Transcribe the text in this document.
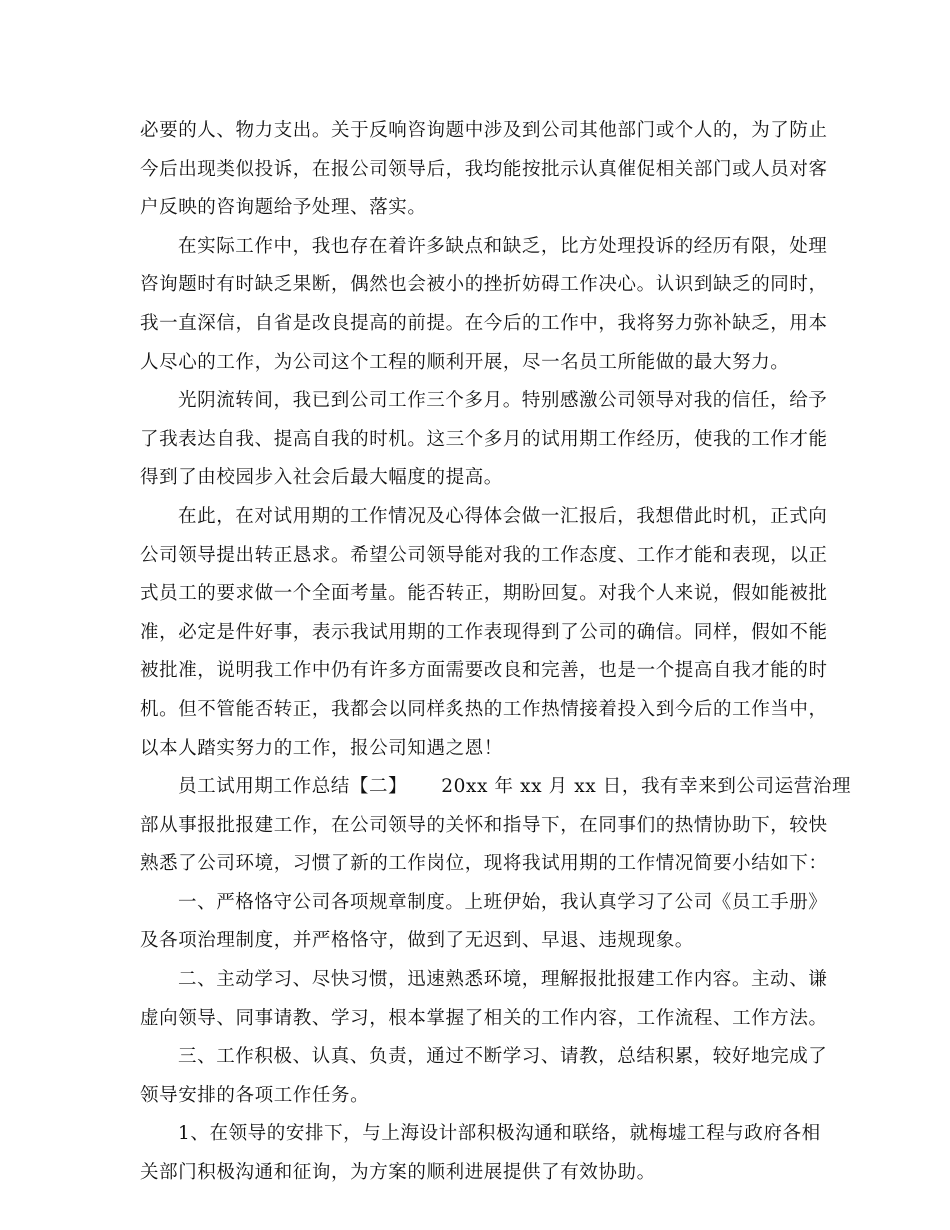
必要的人、物力支出。关于反响咨询题中涉及到公司其他部门或个人的，为了防止
今后出现类似投诉，在报公司领导后，我均能按批示认真催促相关部门或人员对客
户反映的咨询题给予处理、落实。
在实际工作中，我也存在着许多缺点和缺乏，比方处理投诉的经历有限，处理
咨询题时有时缺乏果断，偶然也会被小的挫折妨碍工作决心。认识到缺乏的同时，
我一直深信，自省是改良提高的前提。在今后的工作中，我将努力弥补缺乏，用本
人尽心的工作，为公司这个工程的顺利开展，尽一名员工所能做的最大努力。
光阴流转间，我已到公司工作三个多月。特别感激公司领导对我的信任，给予
了我表达自我、提高自我的时机。这三个多月的试用期工作经历，使我的工作才能
得到了由校园步入社会后最大幅度的提高。
在此，在对试用期的工作情况及心得体会做一汇报后，我想借此时机，正式向
公司领导提出转正恳求。希望公司领导能对我的工作态度、工作才能和表现，以正
式员工的要求做一个全面考量。能否转正，期盼回复。对我个人来说，假如能被批
准，必定是件好事，表示我试用期的工作表现得到了公司的确信。同样，假如不能
被批准，说明我工作中仍有许多方面需要改良和完善，也是一个提高自我才能的时
机。但不管能否转正，我都会以同样炙热的工作热情接着投入到今后的工作当中，
以本人踏实努力的工作，报公司知遇之恩！
员工试用期工作总结【二】 20xx 年 xx 月 xx 日，我有幸来到公司运营治理
部从事报批报建工作，在公司领导的关怀和指导下，在同事们的热情协助下，较快
熟悉了公司环境，习惯了新的工作岗位，现将我试用期的工作情况简要小结如下：
一、严格恪守公司各项规章制度。上班伊始，我认真学习了公司《员工手册》
及各项治理制度，并严格恪守，做到了无迟到、早退、违规现象。
二、主动学习、尽快习惯，迅速熟悉环境，理解报批报建工作内容。主动、谦
虚向领导、同事请教、学习，根本掌握了相关的工作内容，工作流程、工作方法。
三、工作积极、认真、负责，通过不断学习、请教，总结积累，较好地完成了
领导安排的各项工作任务。
1、在领导的安排下，与上海设计部积极沟通和联络，就梅墟工程与政府各相
关部门积极沟通和征询，为方案的顺利进展提供了有效协助。
